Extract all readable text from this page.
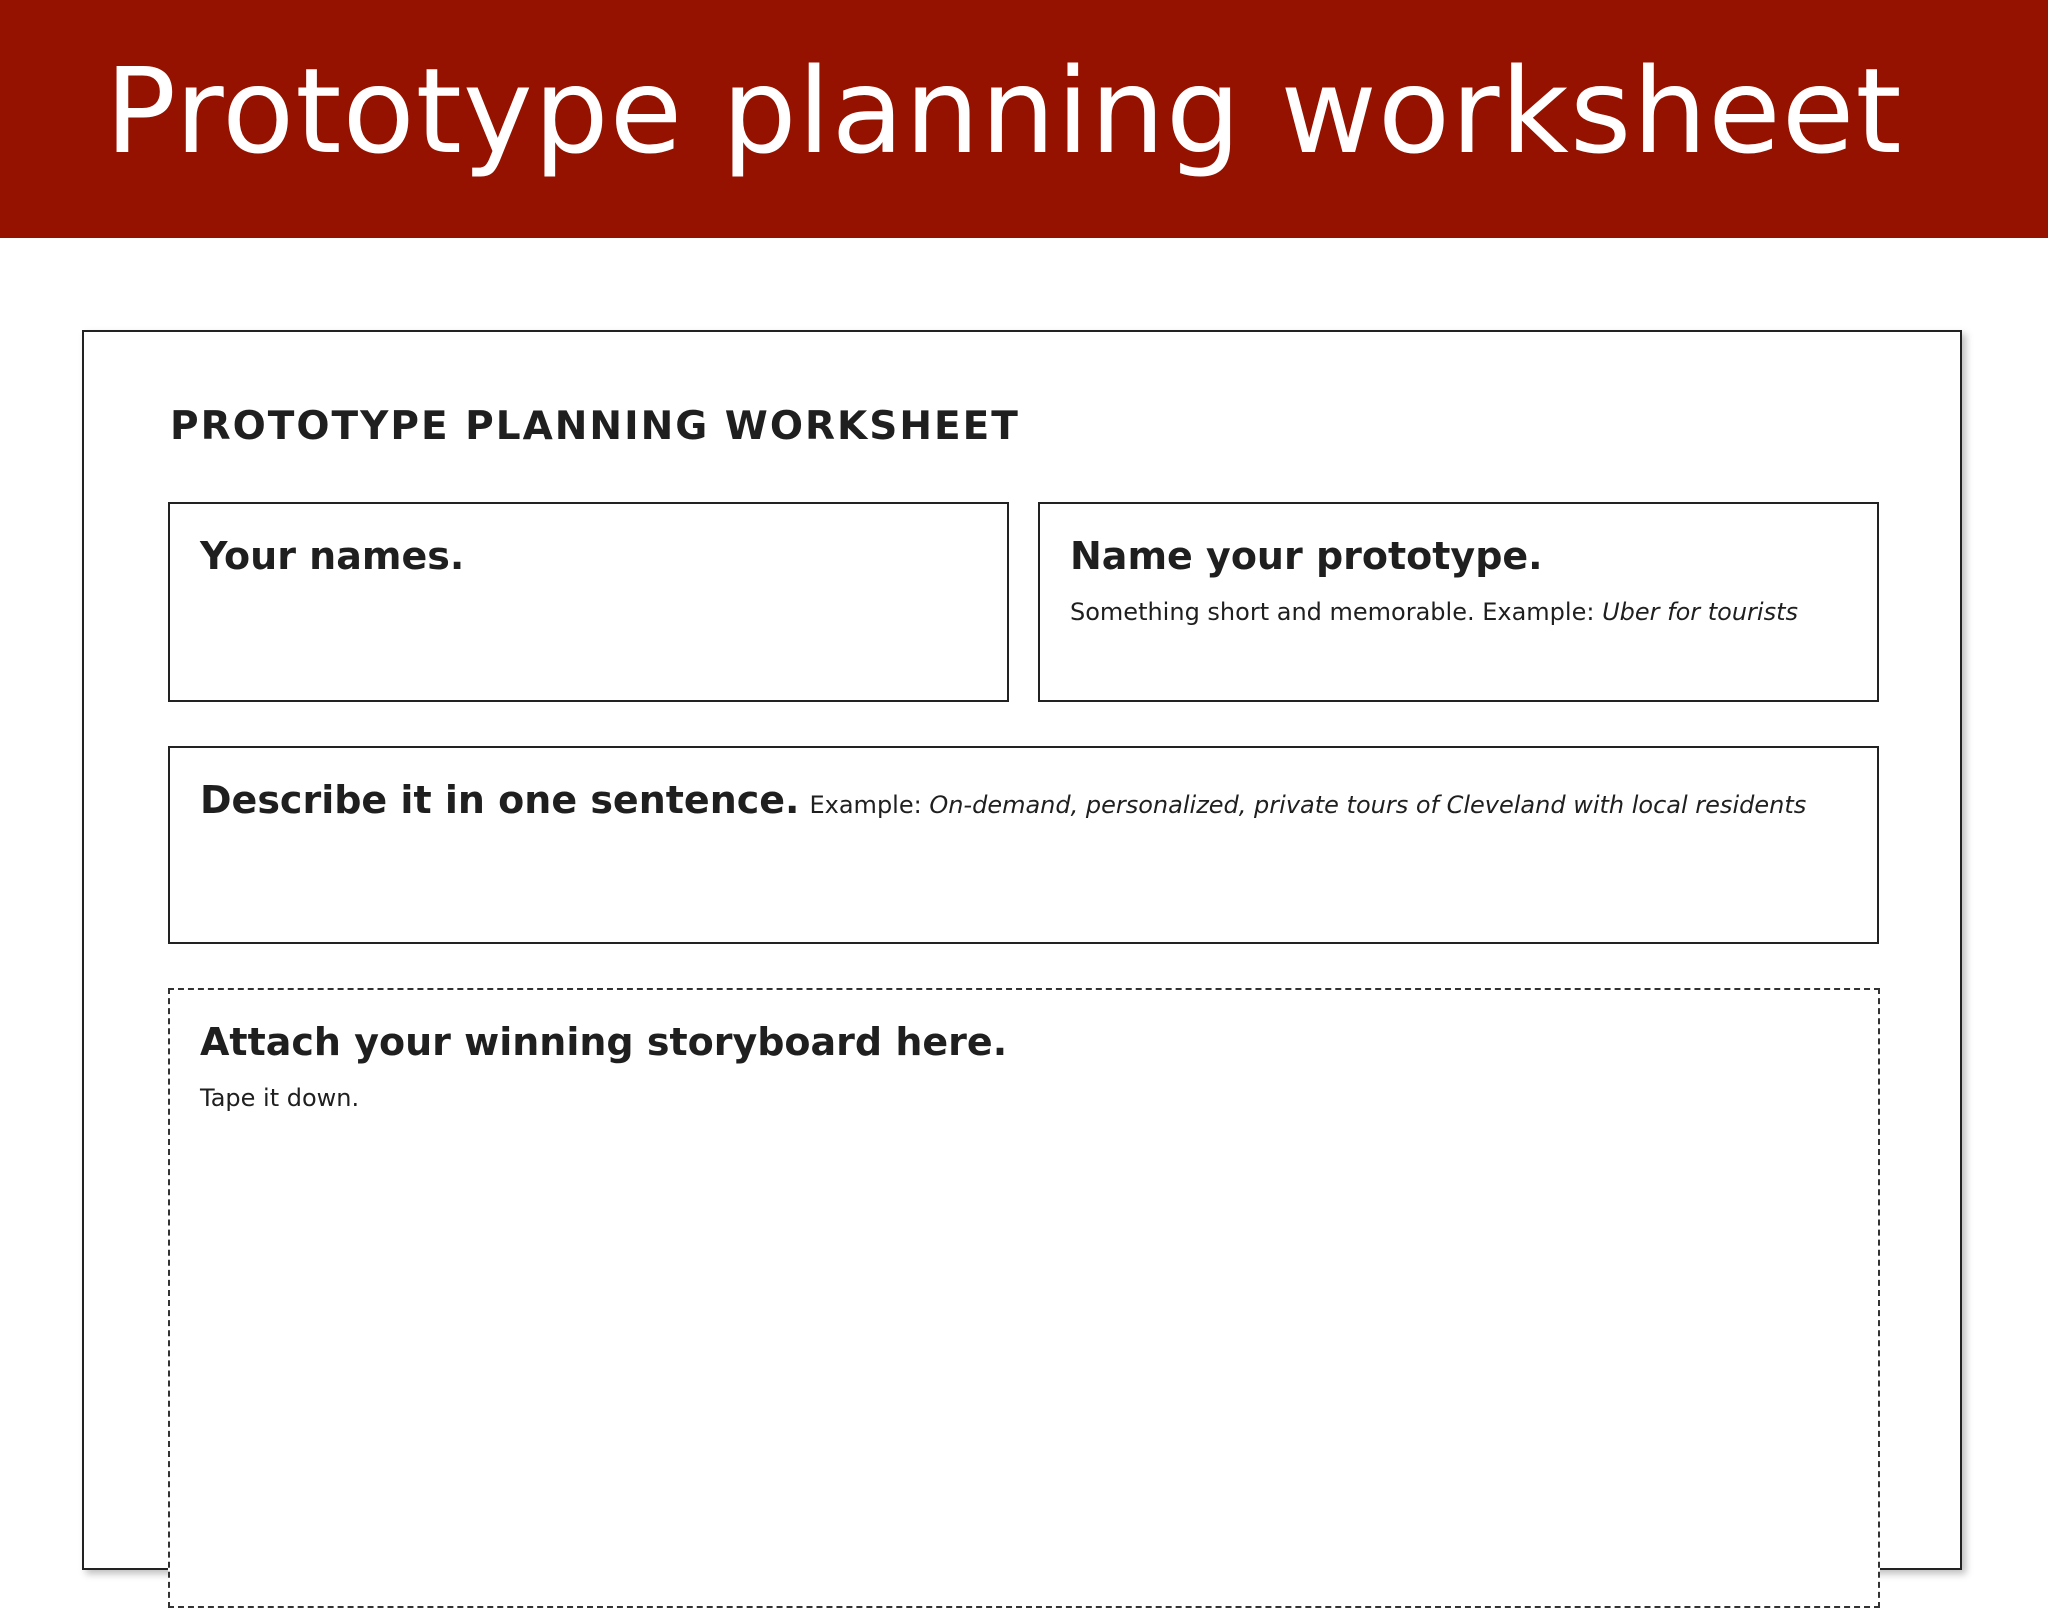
Prototype planning worksheet
PROTOTYPE PLANNING WORKSHEET
Your names.	Name your prototype.
Something short and memorable. Example: Uber for tourists
Describe it in one sentence. Example: On-demand, personalized, private tours of Cleveland with local residents
Attach your winning storyboard here.
Tape it down.
